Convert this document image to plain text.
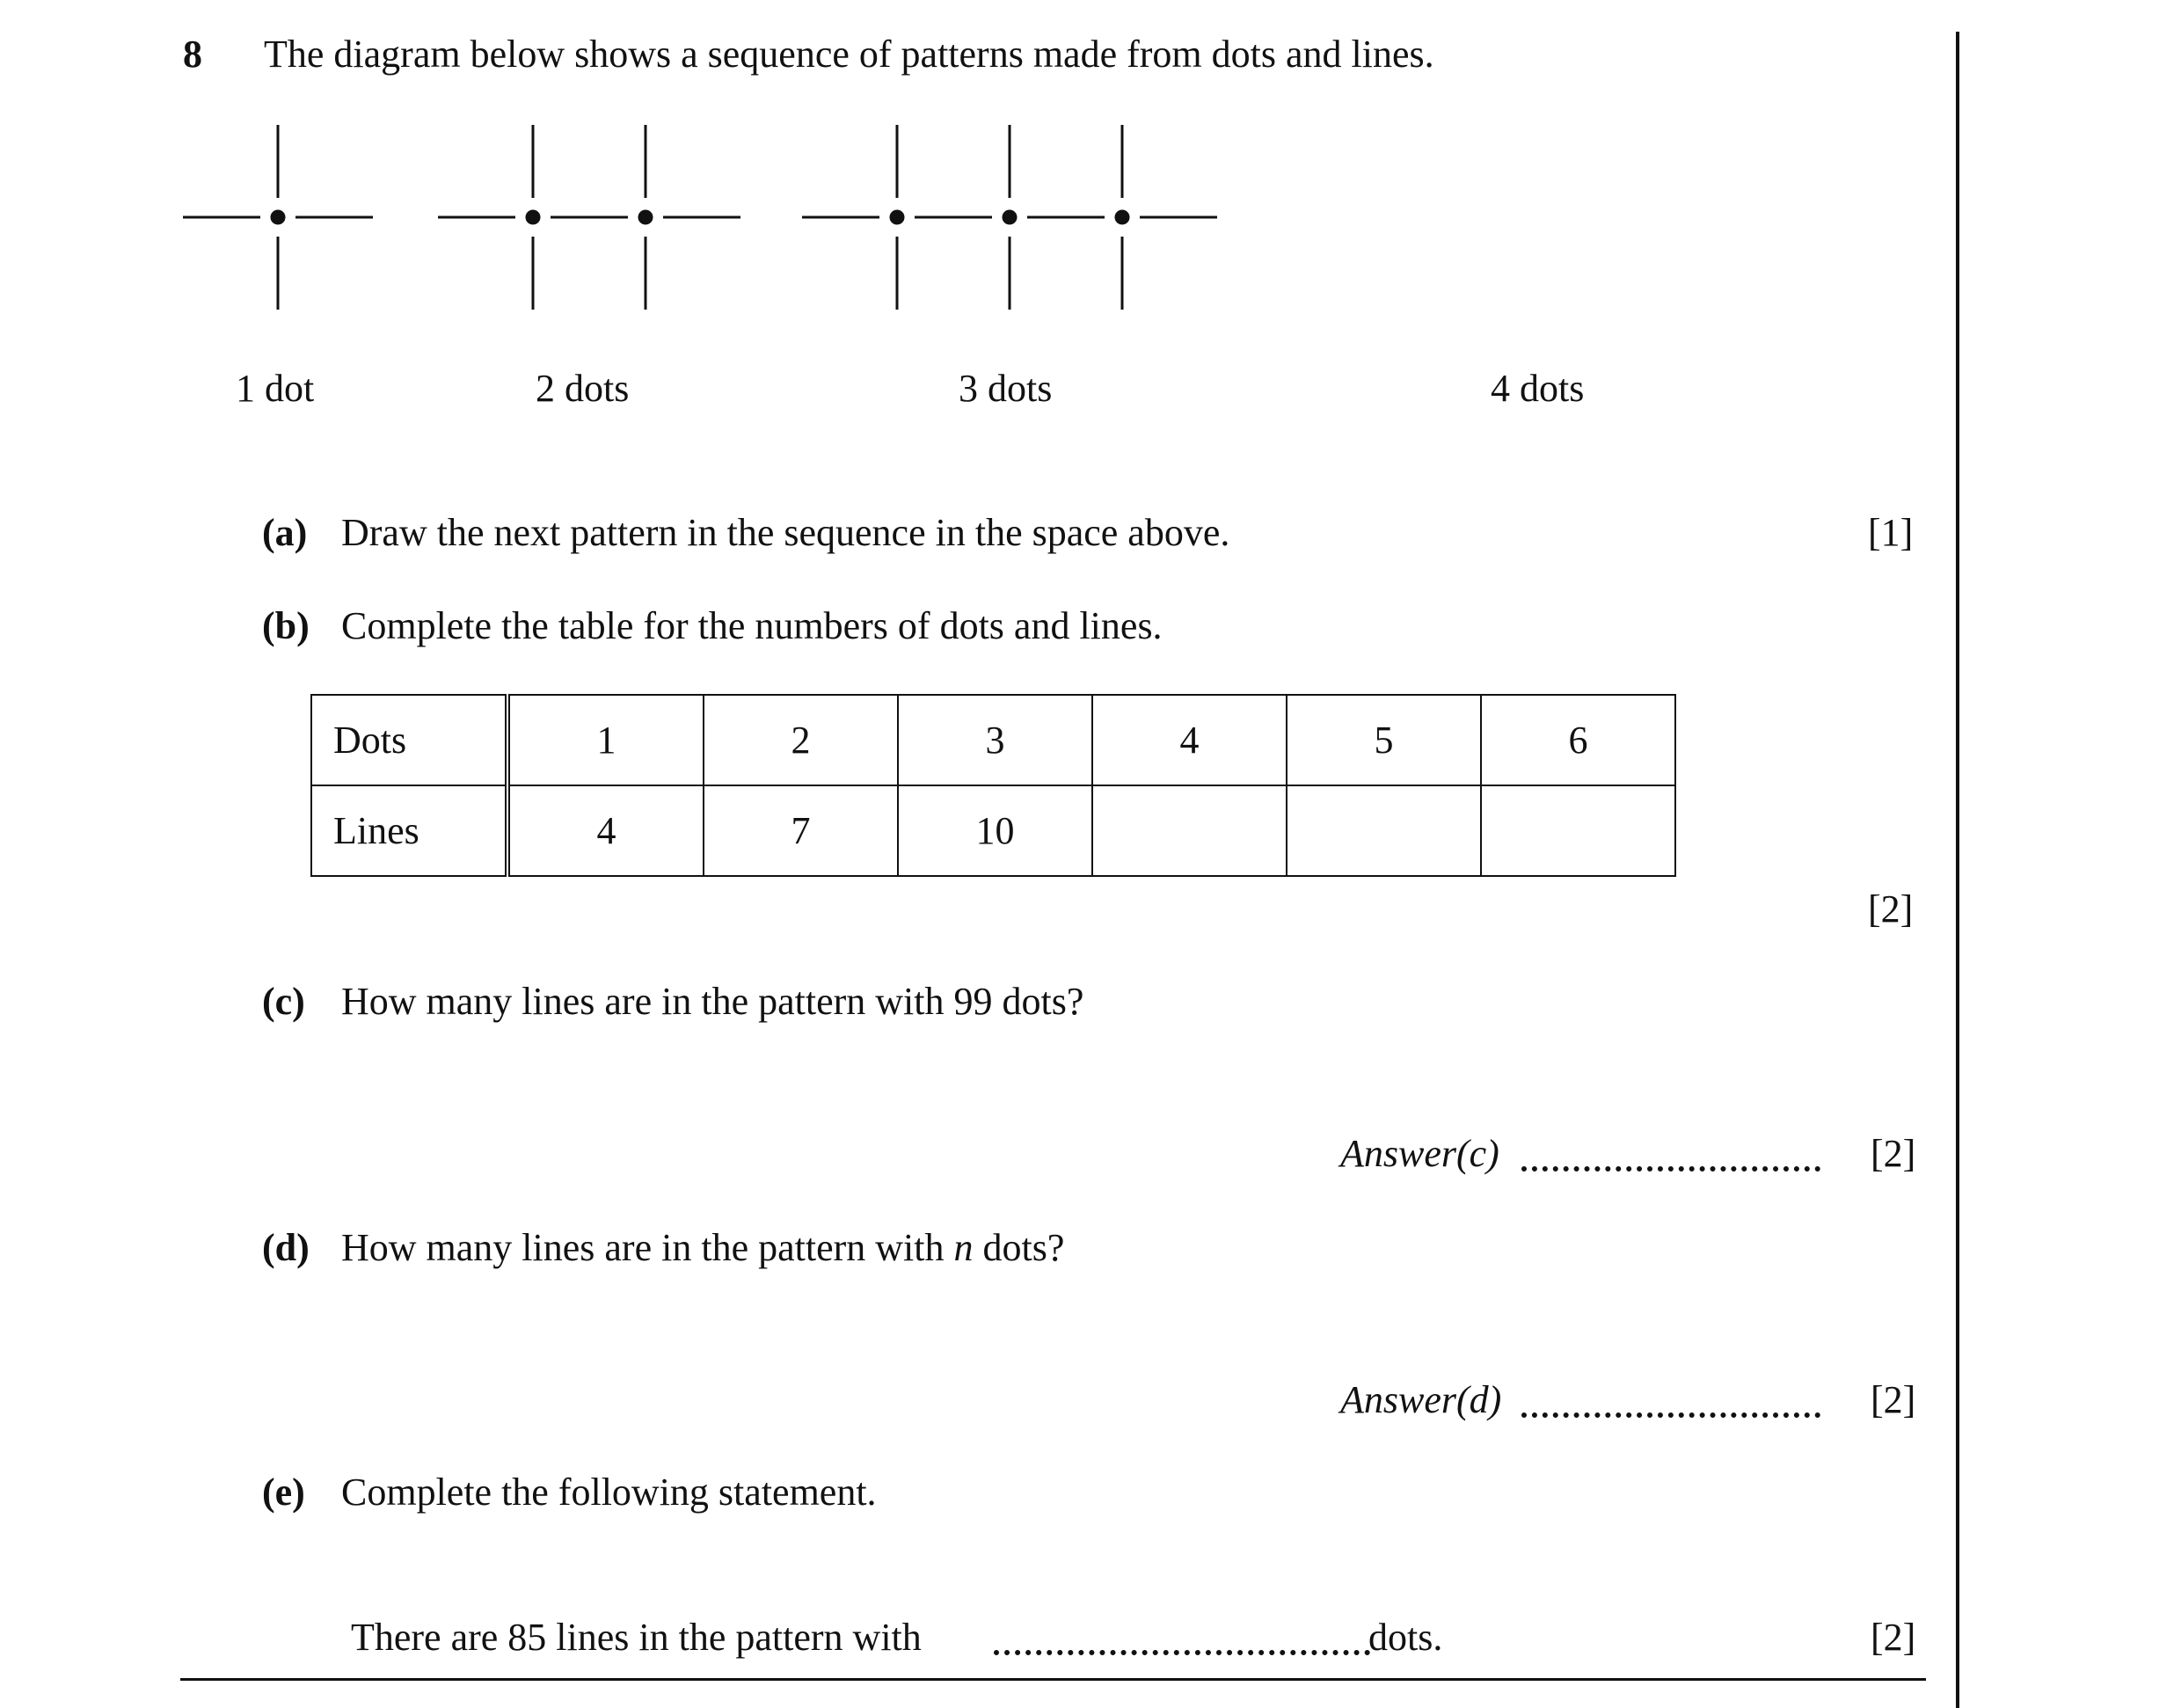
8 The diagram below shows a sequence of patterns made from dots and lines.
1 dot	2 dots	3 dots	4 dots
(a) Draw the next pattern in the sequence in the space above.	[1]
(b) Complete the table for the numbers of dots and lines.
Dots	1	2	3	4	5	6
Lines	4	7	10			
[2]
(c) How many lines are in the pattern with 99 dots?
Answer(c)	[2]
(d) How many lines are in the pattern with n dots?
Answer(d)	[2]
(e) Complete the following statement.
There are 85 lines in the pattern with	dots.	[2]
